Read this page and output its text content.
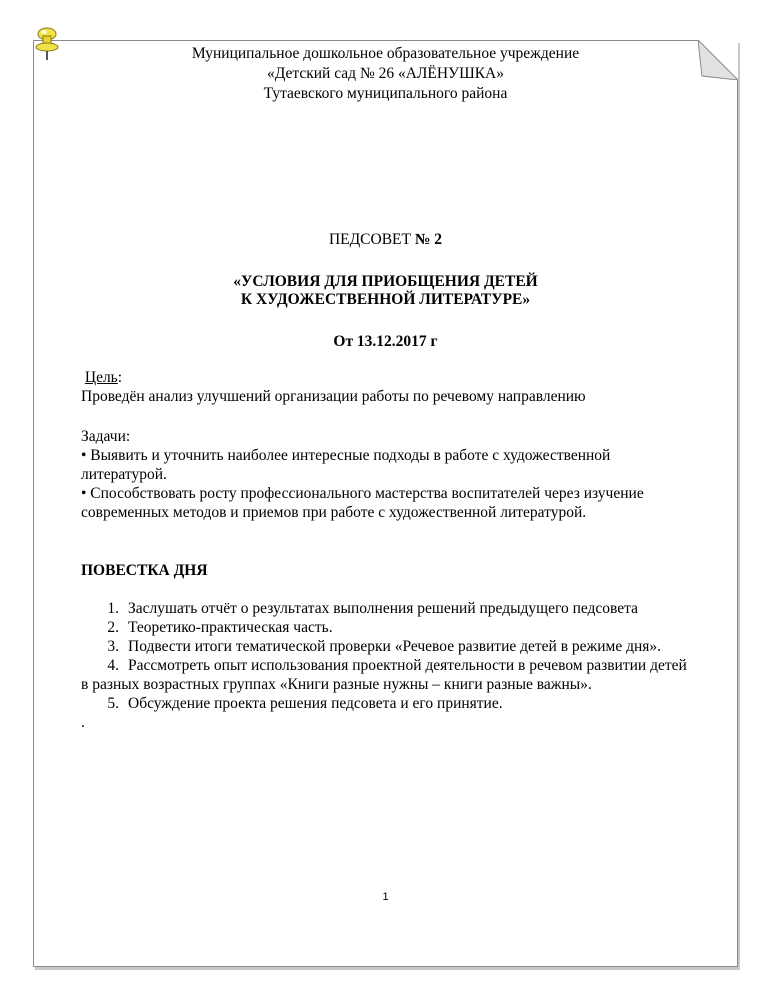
Муниципальное дошкольное образовательное учреждение
«Детский сад № 26 «АЛЁНУШКА»
Тутаевского муниципального района
ПЕДСОВЕТ № 2
«УСЛОВИЯ ДЛЯ ПРИОБЩЕНИЯ ДЕТЕЙ
К ХУДОЖЕСТВЕННОЙ ЛИТЕРАТУРЕ»
От 13.12.2017 г
Цель:
Проведён анализ улучшений организации работы по речевому направлению
Задачи:
• Выявить и уточнить наиболее интересные подходы в работе с художественной литературой.
• Способствовать росту профессионального мастерства воспитателей через изучение современных методов и приемов при работе с художественной литературой.
ПОВЕСТКА ДНЯ
1. Заслушать отчёт о результатах выполнения решений предыдущего педсовета
2. Теоретико-практическая часть.
3. Подвести итоги тематической проверки «Речевое развитие детей в режиме дня».
4. Рассмотреть опыт использования проектной деятельности в речевом развитии детей в разных возрастных группах «Книги разные нужны – книги разные важны».
5. Обсуждение проекта решения педсовета и его принятие.
.
1
